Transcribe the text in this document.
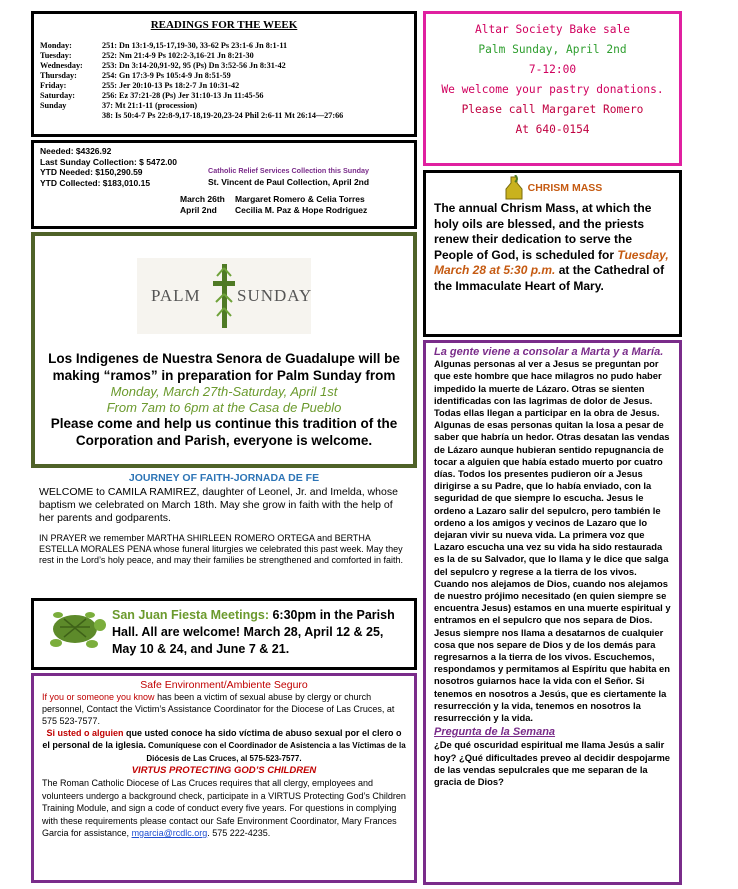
READINGS FOR THE WEEK
Monday:	251: Dn 13:1-9,15-17,19-30, 33-62 Ps 23:1-6 Jn 8:1-11
Tuesday:	252: Nm 21:4-9 Ps 102:2-3,16-21 Jn 8:21-30
Wednesday:	253: Dn 3:14-20,91-92, 95 (Ps) Dn 3:52-56 Jn 8:31-42
Thursday:	254: Gn 17:3-9 Ps 105:4-9 Jn 8:51-59
Friday:	255: Jer 20:10-13 Ps 18:2-7 Jn 10:31-42
Saturday:	256: Ez 37:21-28 (Ps) Jer 31:10-13 Jn 11:45-56
Sunday	37: Mt 21:1-11 (procession)
38: Is 50:4-7 Ps 22:8-9,17-18,19-20,23-24 Phil 2:6-11 Mt 26:14—27:66
Needed: $4326.92
Last Sunday Collection: $ 5472.00
YTD Needed: $150,290.59
YTD Collected: $183,010.15
Catholic Relief Services Collection this Sunday
St. Vincent de Paul Collection, April 2nd
March 26th	Margaret Romero & Celia Torres
April 2nd	Cecilia M. Paz & Hope Rodriguez
PALM SUNDAY
Los Indigenes de Nuestra Senora de Guadalupe will be making “ramos” in preparation for Palm Sunday from
Monday, March 27th-Saturday, April 1st
From 7am to 6pm at the Casa de Pueblo
Please come and help us continue this tradition of the Corporation and Parish, everyone is welcome.
JOURNEY OF FAITH-JORNADA DE FE
WELCOME to CAMILA RAMIREZ, daughter of Leonel, Jr. and Imelda, whose baptism we celebrated on March 18th. May she grow in faith with the help of her parents and godparents.
IN PRAYER we remember MARTHA SHIRLEEN ROMERO ORTEGA and BERTHA ESTELLA MORALES PENA whose funeral liturgies we celebrated this past week. May they rest in the Lord’s holy peace, and may their families be strengthened and comforted in faith.
San Juan Fiesta Meetings: 6:30pm in the Parish Hall. All are welcome! March 28, April 12 & 25, May 10 & 24, and June 7 & 21.
Safe Environment/Ambiente Seguro
If you or someone you know has been a victim of sexual abuse by clergy or church personnel, Contact the Victim’s Assistance Coordinator for the Diocese of Las Cruces, at 575 523-7577.
Si usted o alguien que usted conoce ha sido víctima de abuso sexual por el clero o el personal de la iglesia. Comuníquese con el Coordinador de Asistencia a las Víctimas de la Diócesis de Las Cruces, al 575-523-7577.
VIRTUS PROTECTING GOD’S CHILDREN
The Roman Catholic Diocese of Las Cruces requires that all clergy, employees and volunteers undergo a background check, participate in a VIRTUS Protecting God’s Children Training Module, and sign a code of conduct every five years. For questions in complying with these requirements please contact our Safe Environment Coordinator, Mary Frances Garcia for assistance, mgarcia@rcdlc.org. 575 222-4235.
Altar Society Bake sale
Palm Sunday, April 2nd
7-12:00
We welcome your pastry donations.
Please call Margaret Romero
At 640-0154
CHRISM MASS
The annual Chrism Mass, at which the holy oils are blessed, and the priests renew their dedication to serve the People of God, is scheduled for Tuesday, March 28 at 5:30 p.m. at the Cathedral of the Immaculate Heart of Mary.
La gente viene a consolar a Marta y a María. Algunas personas al ver a Jesus se preguntan por que este hombre que hace milagros no pudo haber impedido la muerte de Lázaro. Otras se sienten identificadas con las lagrimas de dolor de Jesus. Todas ellas llegan a participar en la obra de Jesus. Algunas de esas personas quitan la losa a pesar de saber que habría un hedor. Otras desatan las vendas de Lázaro aunque hubieran sentido repugnancia de tocar a alguien que había estado muerto por cuatro días. Todos los presentes pudieron oír a Jesus dirigirse a su Padre, que lo había enviado, con la seguridad de que siempre lo escucha. Jesus le ordeno a Lazaro salir del sepulcro, pero también le ordeno a los amigos y vecinos de Lazaro que lo dejaran vivir su nueva vida. La primera voz que Lazaro escucha una vez su vida ha sido restaurada es la de su Salvador, que lo llama y le dice que salga del sepulcro y regrese a la tierra de los vivos. Cuando nos alejamos de Dios, cuando nos alejamos de nuestro prójimo necesitado (en quien siempre se encuentra Jesus) estamos en una muerte espiritual y entramos en el sepulcro que nos separa de Dios. Jesus siempre nos llama a desatarnos de cualquier cosa que nos separe de Dios y de los demás para regresarnos a la tierra de los vivos. Escuchemos, respondamos y permitamos al Espíritu que habita en nosotros guiarnos hace la vida con el Señor. Si tenemos en nosotros a Jesús, que es ciertamente la resurrección y la vida, tenemos en nosotros la resurrección y la vida.
Pregunta de la Semana
¿De qué oscuridad espiritual me llama Jesús a salir hoy? ¿Qué dificultades preveo al decidir despojarme de las vendas sepulcrales que me separan de la gracia de Dios?
